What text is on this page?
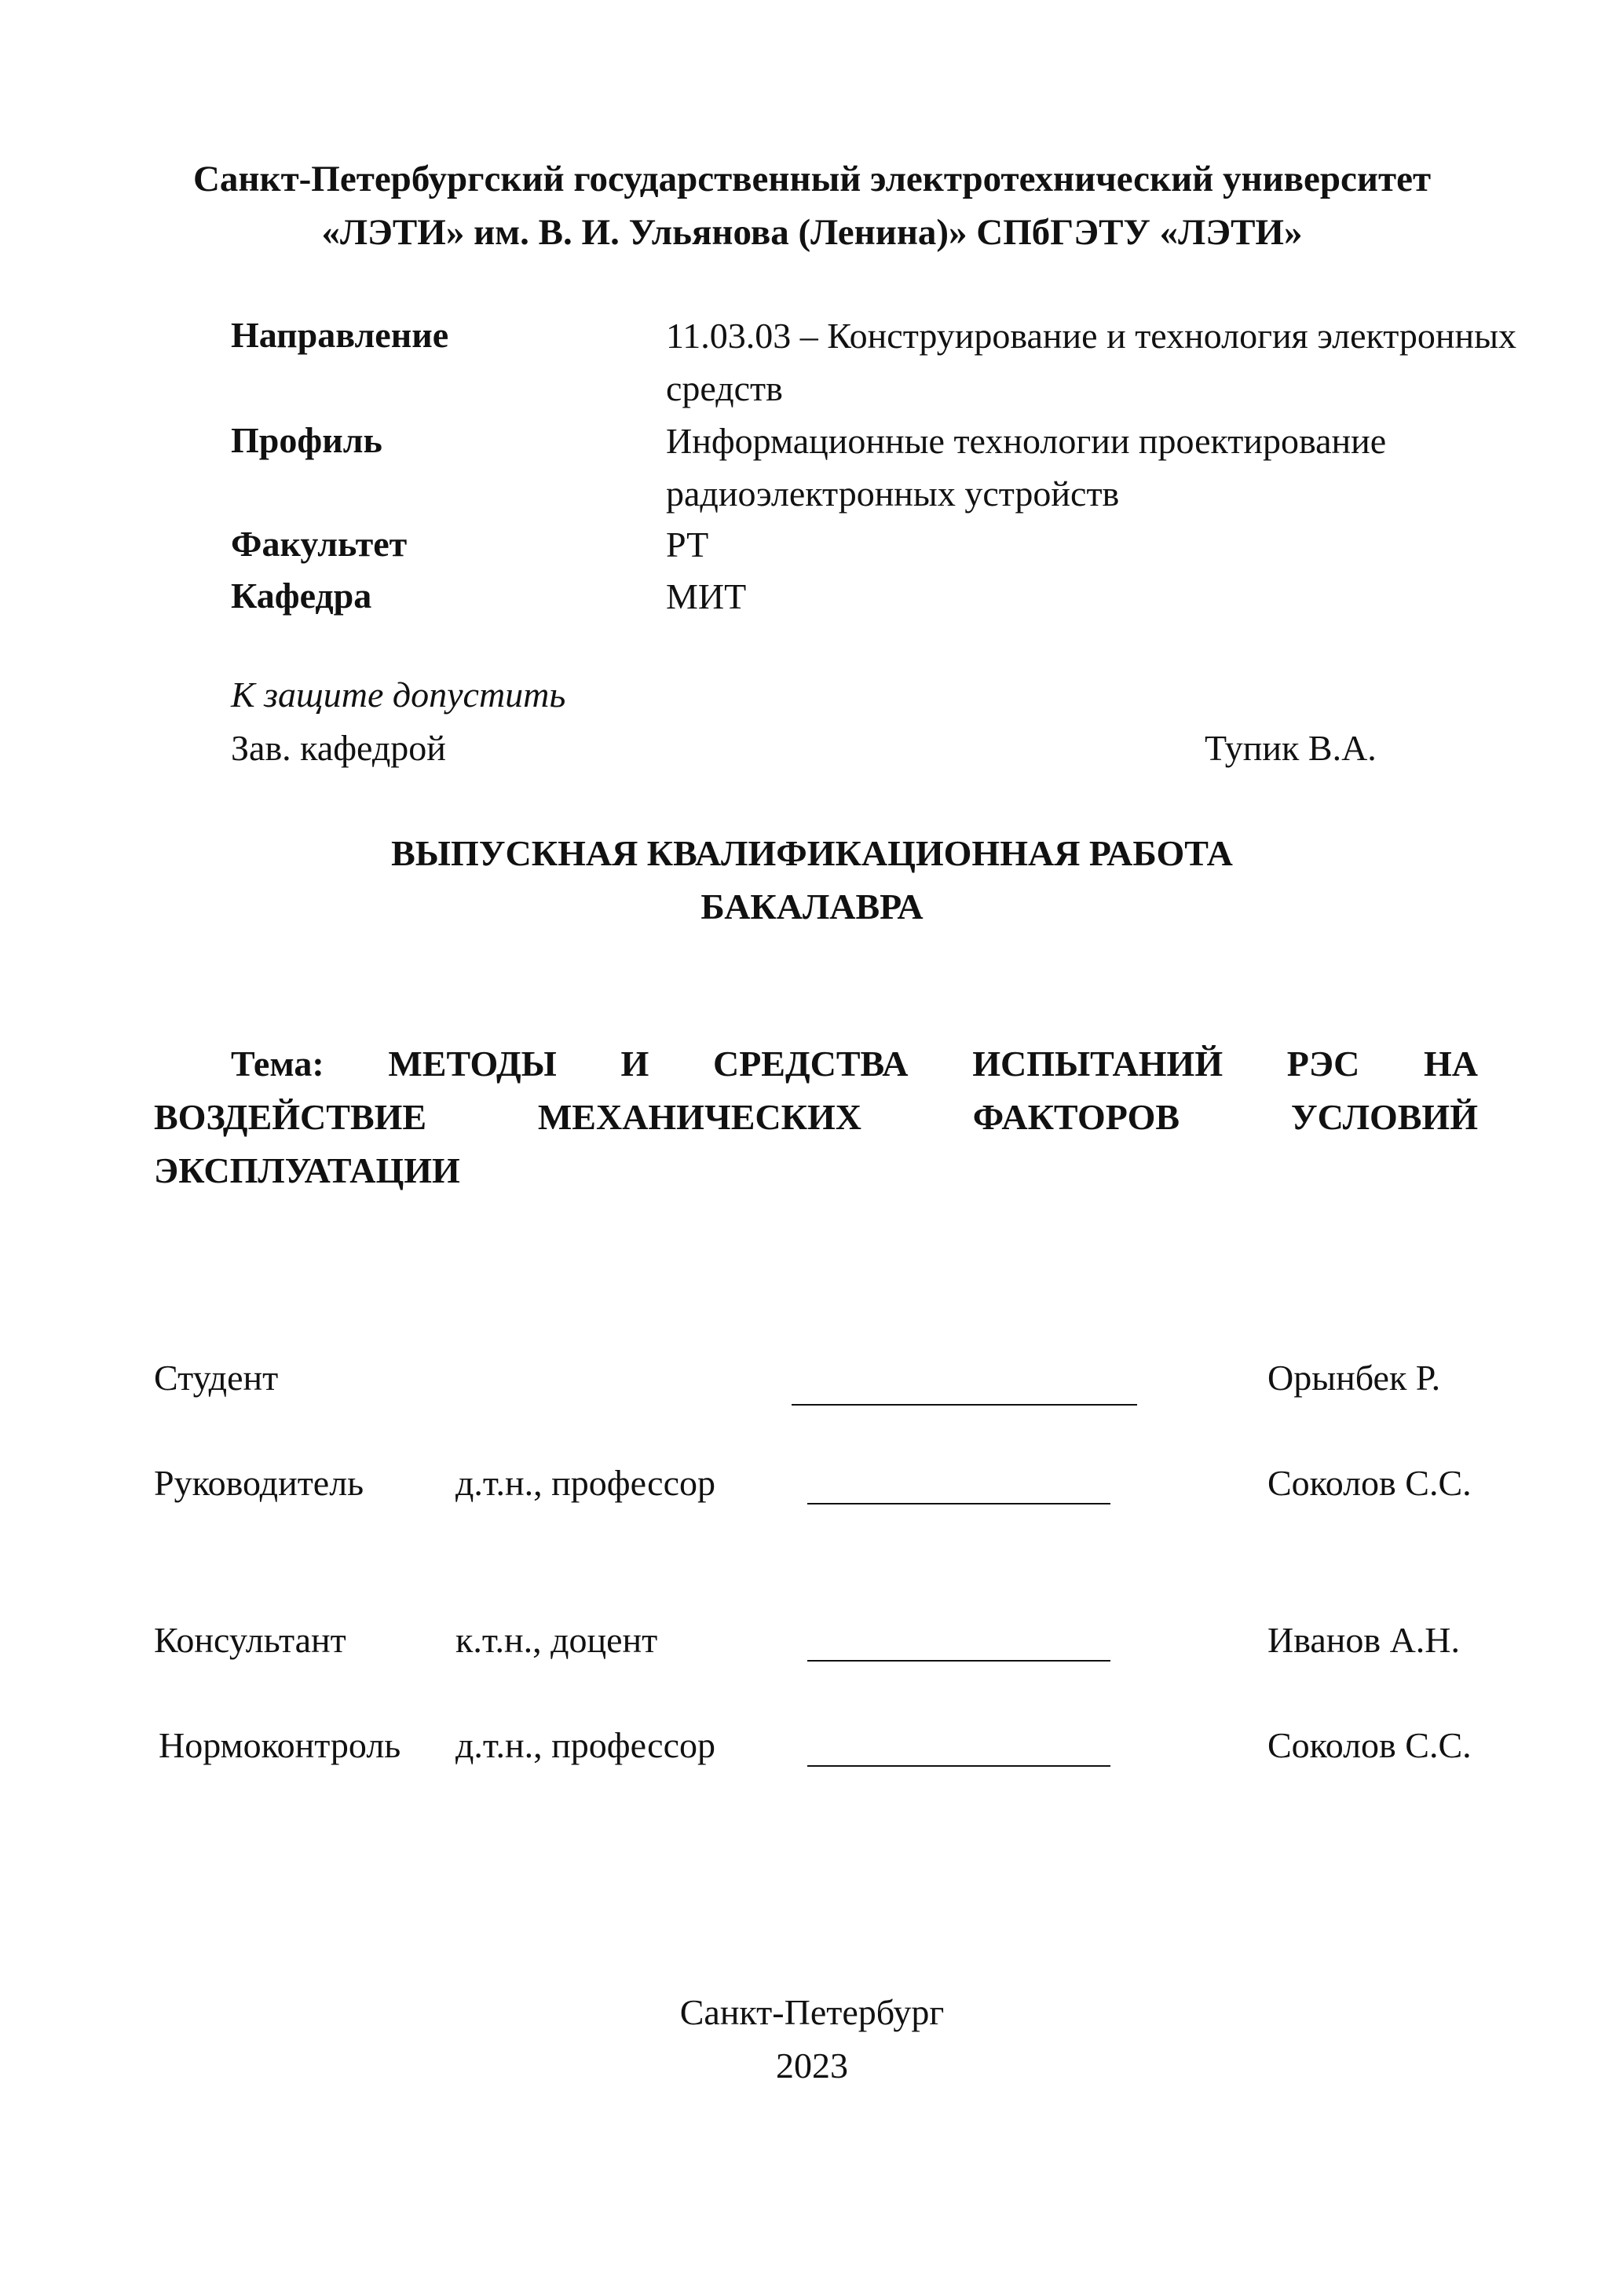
Санкт-Петербургский государственный электротехнический университет
«ЛЭТИ» им. В. И. Ульянова (Ленина)» СПбГЭТУ «ЛЭТИ»
Направление	11.03.03 – Конструирование и технология электронных средств
Профиль	Информационные технологии проектирование радиоэлектронных устройств
Факультет	РТ
Кафедра	МИТ
К защите допустить
Зав. кафедрой	Тупик В.А.
ВЫПУСКНАЯ КВАЛИФИКАЦИОННАЯ РАБОТА
БАКАЛАВРА
Тема: МЕТОДЫ И СРЕДСТВА ИСПЫТАНИЙ РЭС НА
ВОЗДЕЙСТВИЕ	МЕХАНИЧЕСКИХ	ФАКТОРОВ	УСЛОВИЙ
ЭКСПЛУАТАЦИИ
Студент	Орынбек Р.
Руководитель	д.т.н., профессор	Соколов С.С.
Консультант	к.т.н., доцент	Иванов А.Н.
Нормоконтроль д.т.н., профессор	Соколов С.С.
Санкт-Петербург
2023
